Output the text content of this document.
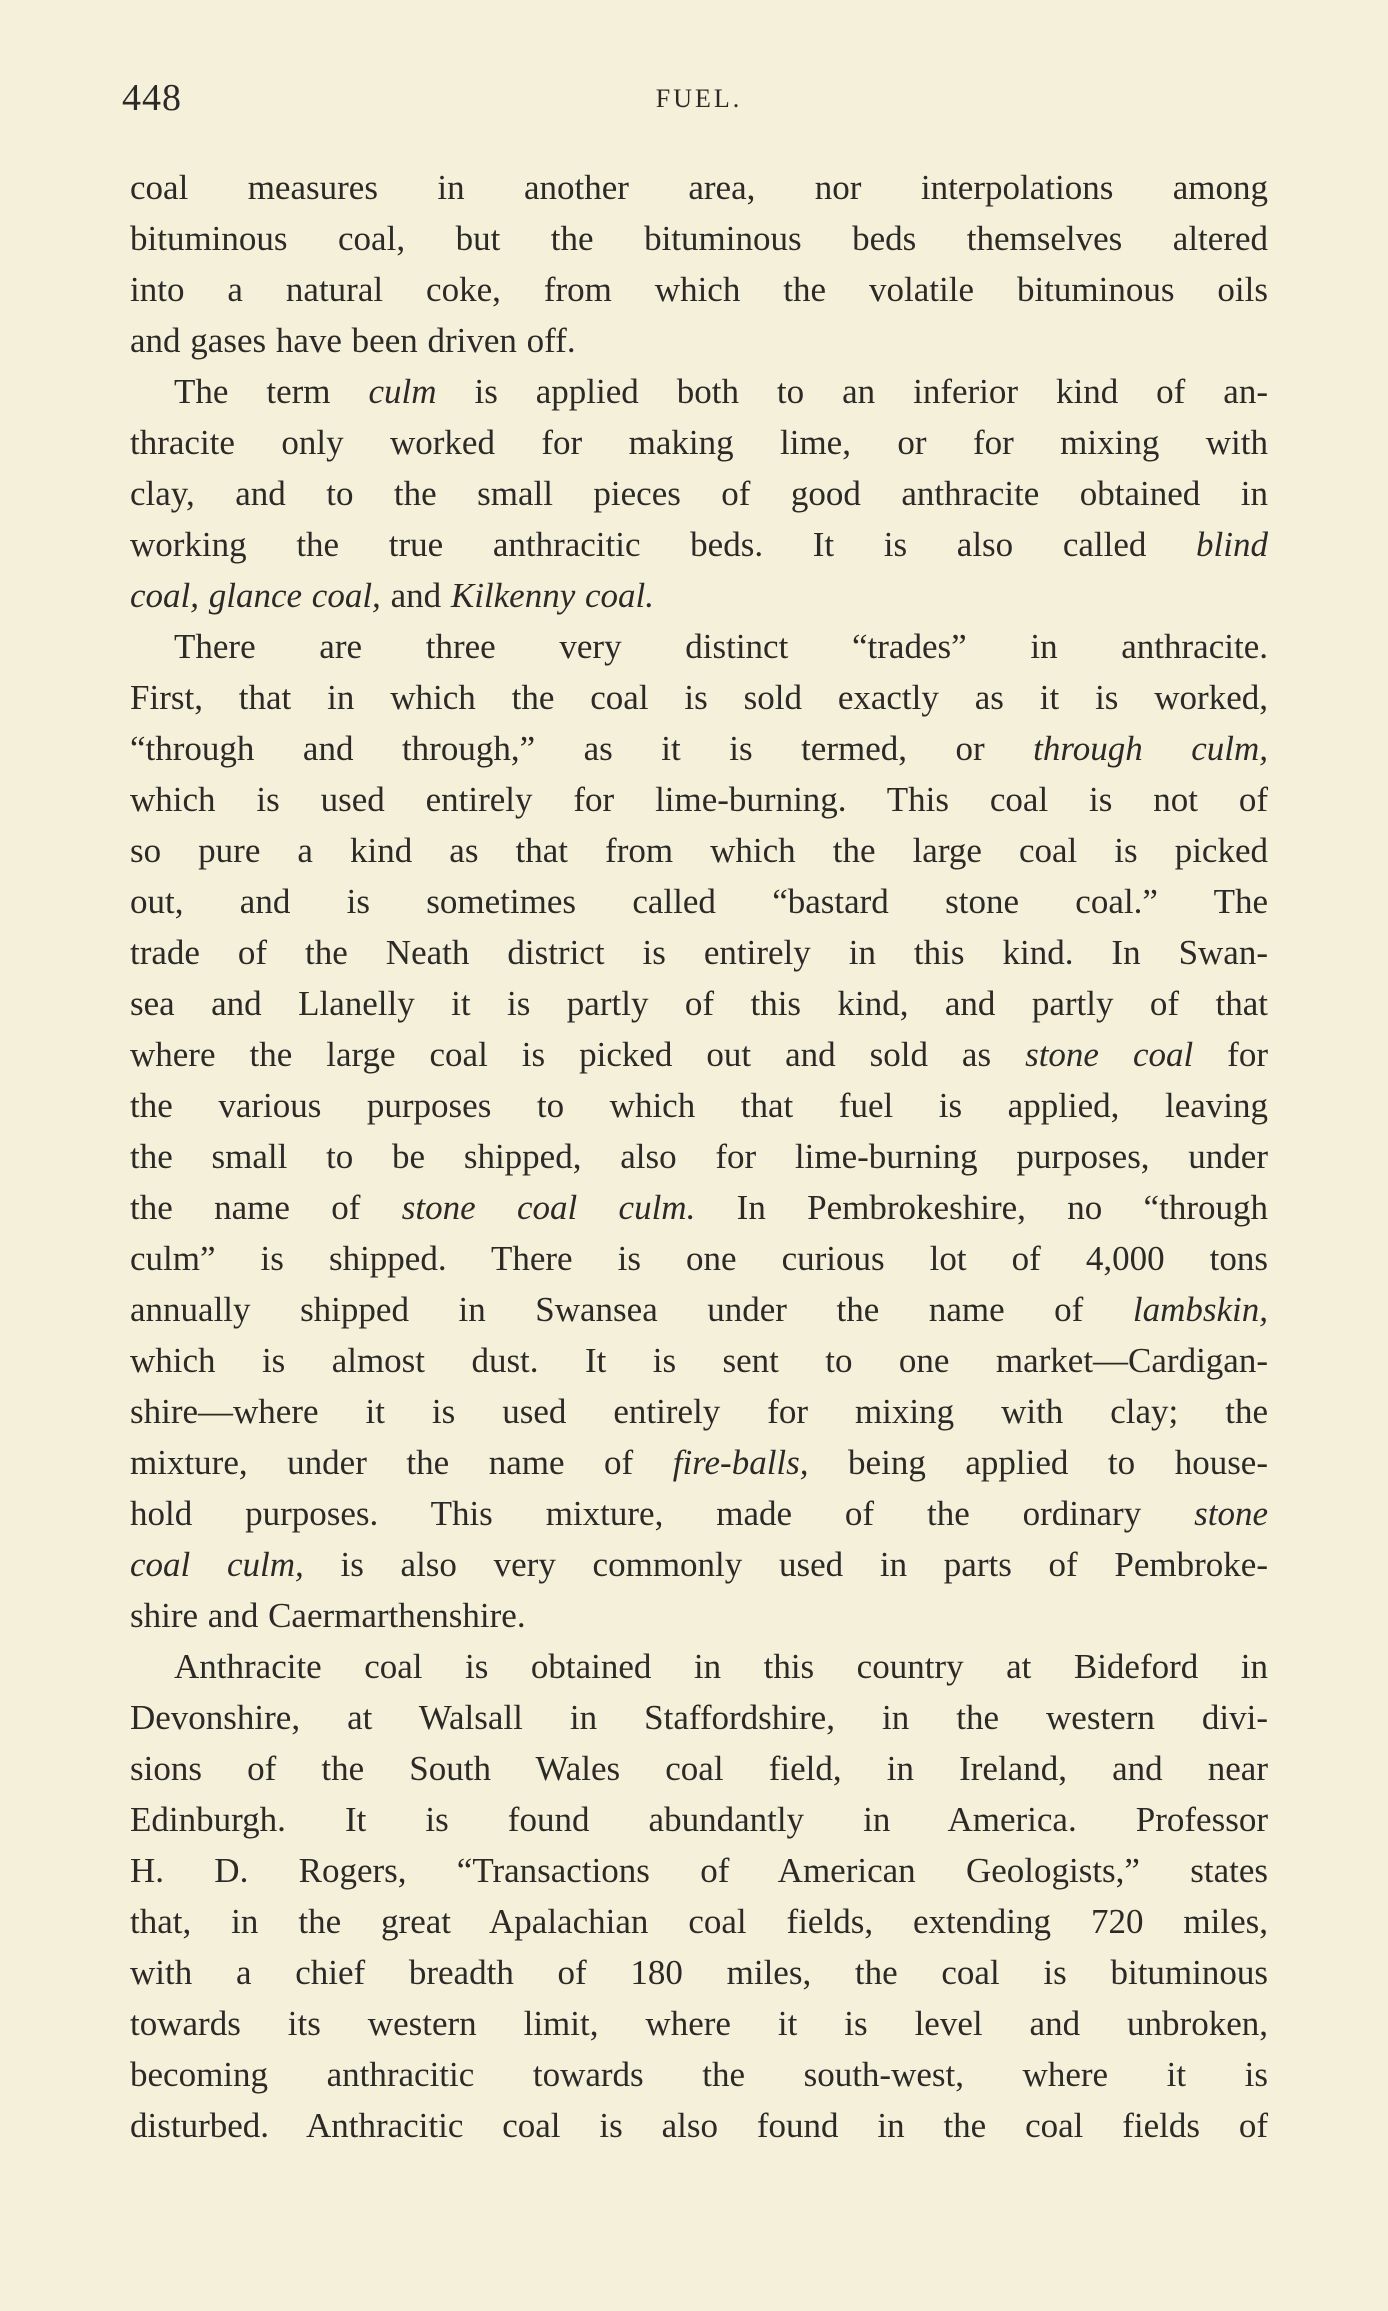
448	FUEL.
coal measures in another area, nor interpolations among
bituminous coal, but the bituminous beds themselves altered
into a natural coke, from which the volatile bituminous oils
and gases have been driven off.
The term culm is applied both to an inferior kind of an-
thracite only worked for making lime, or for mixing with
clay, and to the small pieces of good anthracite obtained in
working the true anthracitic beds. It is also called blind
coal, glance coal, and Kilkenny coal.
There are three very distinct “trades” in anthracite.
First, that in which the coal is sold exactly as it is worked,
“through and through,” as it is termed, or through culm,
which is used entirely for lime-burning. This coal is not of
so pure a kind as that from which the large coal is picked
out, and is sometimes called “bastard stone coal.” The
trade of the Neath district is entirely in this kind. In Swan-
sea and Llanelly it is partly of this kind, and partly of that
where the large coal is picked out and sold as stone coal for
the various purposes to which that fuel is applied, leaving
the small to be shipped, also for lime-burning purposes, under
the name of stone coal culm. In Pembrokeshire, no “through
culm” is shipped. There is one curious lot of 4,000 tons
annually shipped in Swansea under the name of lambskin,
which is almost dust. It is sent to one market—Cardigan-
shire—where it is used entirely for mixing with clay; the
mixture, under the name of fire-balls, being applied to house-
hold purposes. This mixture, made of the ordinary stone
coal culm, is also very commonly used in parts of Pembroke-
shire and Caermarthenshire.
Anthracite coal is obtained in this country at Bideford in
Devonshire, at Walsall in Staffordshire, in the western divi-
sions of the South Wales coal field, in Ireland, and near
Edinburgh. It is found abundantly in America. Professor
H. D. Rogers, “Transactions of American Geologists,” states
that, in the great Apalachian coal fields, extending 720 miles,
with a chief breadth of 180 miles, the coal is bituminous
towards its western limit, where it is level and unbroken,
becoming anthracitic towards the south-west, where it is
disturbed. Anthracitic coal is also found in the coal fields of
